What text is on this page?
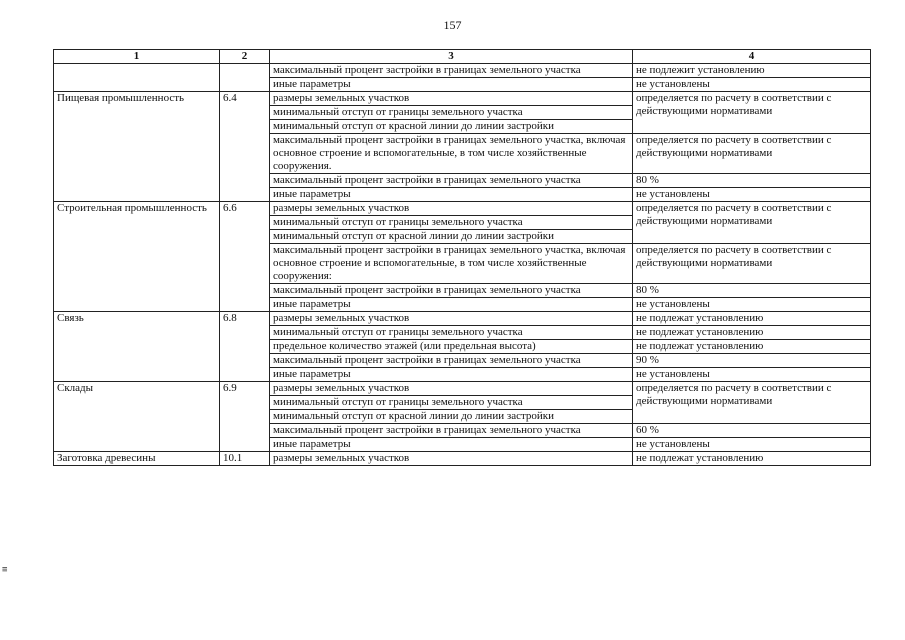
157
1	2	3	4
		максимальный процент застройки в границах земельного участка	не подлежит установлению
		иные параметры	не установлены
Пищевая промышленность	6.4	размеры земельных участков	определяется по расчету в соответствии с действующими нормативами
		минимальный отступ от границы земельного участка	
		минимальный отступ от красной линии до линии застройки	
		максимальный процент застройки в границах земельного участка, включая основное строение и вспомогательные, в том числе хозяйственные сооружения.	определяется по расчету в соответствии с действующими нормативами
		максимальный процент застройки в границах земельного участка	80 %
		иные параметры	не установлены
Строительная промышленность	6.6	размеры земельных участков	определяется по расчету в соответствии с действующими нормативами
		минимальный отступ от границы земельного участка	
		минимальный отступ от красной линии до линии застройки	
		максимальный процент застройки в границах земельного участка, включая основное строение и вспомогательные, в том числе хозяйственные сооружения:	определяется по расчету в соответствии с действующими нормативами
		максимальный процент застройки в границах земельного участка	80 %
		иные параметры	не установлены
Связь	6.8	размеры земельных участков	не подлежат установлению
		минимальный отступ от границы земельного участка	не подлежат установлению
		предельное количество этажей (или предельная высота)	не подлежат установлению
		максимальный процент застройки в границах земельного участка	90 %
		иные параметры	не установлены
Склады	6.9	размеры земельных участков	определяется по расчету в соответствии с действующими нормативами
		минимальный отступ от границы земельного участка	
		минимальный отступ от красной линии до линии застройки	
		максимальный процент застройки в границах земельного участка	60 %
		иные параметры	не установлены
Заготовка древесины	10.1	размеры земельных участков	не подлежат установлению
≡
